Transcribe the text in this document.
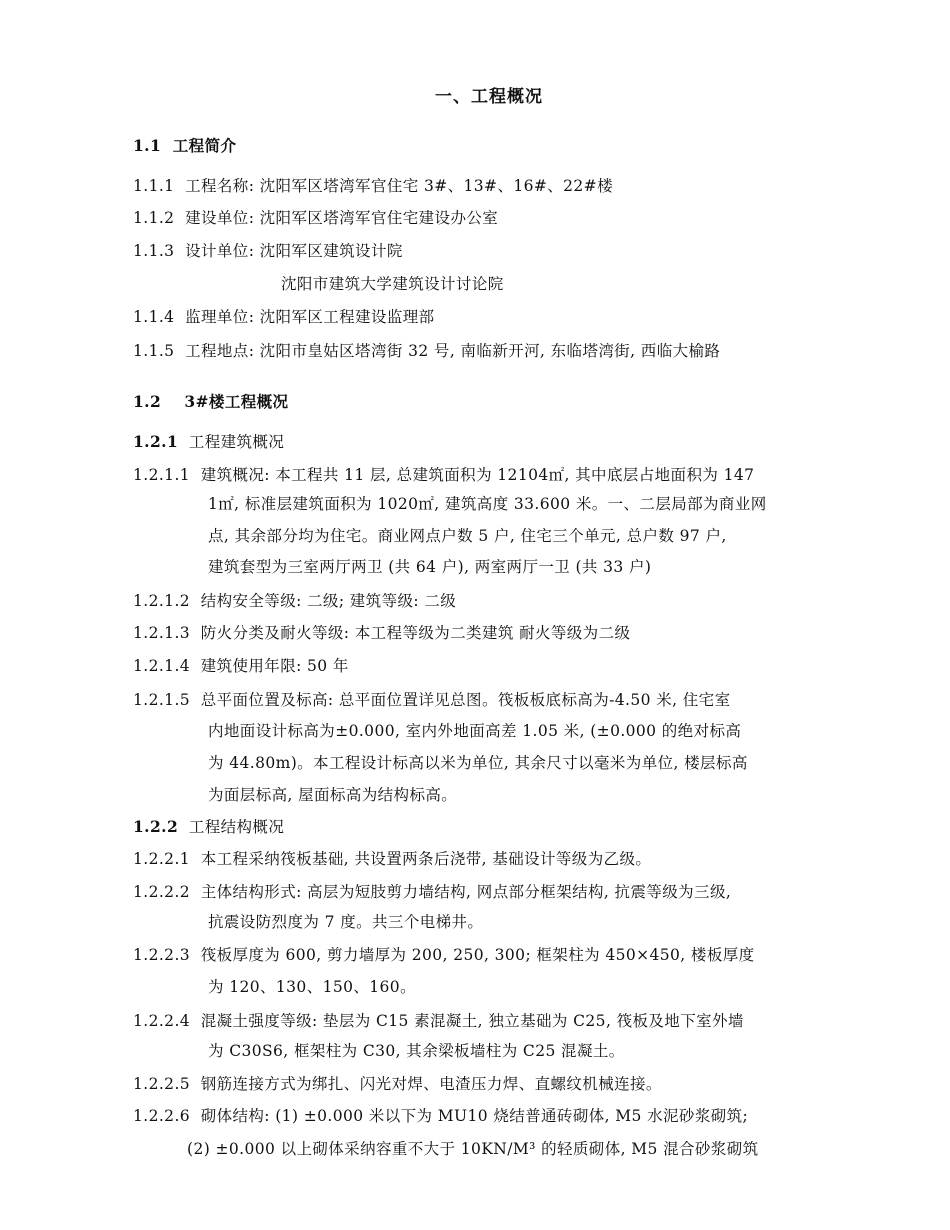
一、工程概况
1.1 工程简介
1.1.1 工程名称: 沈阳军区塔湾军官住宅 3#、13#、16#、22#楼
1.1.2 建设单位: 沈阳军区塔湾军官住宅建设办公室
1.1.3 设计单位: 沈阳军区建筑设计院
沈阳市建筑大学建筑设计讨论院
1.1.4 监理单位: 沈阳军区工程建设监理部
1.1.5 工程地点: 沈阳市皇姑区塔湾街 32 号, 南临新开河, 东临塔湾街, 西临大榆路
1.2 3#楼工程概况
1.2.1 工程建筑概况
1.2.1.1 建筑概况: 本工程共 11 层, 总建筑面积为 12104㎡, 其中底层占地面积为 147
1㎡, 标准层建筑面积为 1020㎡, 建筑高度 33.600 米。一、二层局部为商业网
点, 其余部分均为住宅。商业网点户数 5 户, 住宅三个单元, 总户数 97 户,
建筑套型为三室两厅两卫 (共 64 户), 两室两厅一卫 (共 33 户)
1.2.1.2 结构安全等级: 二级; 建筑等级: 二级
1.2.1.3 防火分类及耐火等级: 本工程等级为二类建筑 耐火等级为二级
1.2.1.4 建筑使用年限: 50 年
1.2.1.5 总平面位置及标高: 总平面位置详见总图。筏板板底标高为-4.50 米, 住宅室
内地面设计标高为±0.000, 室内外地面高差 1.05 米, (±0.000 的绝对标高
为 44.80m)。本工程设计标高以米为单位, 其余尺寸以毫米为单位, 楼层标高
为面层标高, 屋面标高为结构标高。
1.2.2 工程结构概况
1.2.2.1 本工程采纳筏板基础, 共设置两条后浇带, 基础设计等级为乙级。
1.2.2.2 主体结构形式: 高层为短肢剪力墙结构, 网点部分框架结构, 抗震等级为三级,
抗震设防烈度为 7 度。共三个电梯井。
1.2.2.3 筏板厚度为 600, 剪力墙厚为 200, 250, 300; 框架柱为 450×450, 楼板厚度
为 120、130、150、160。
1.2.2.4 混凝土强度等级: 垫层为 C15 素混凝土, 独立基础为 C25, 筏板及地下室外墙
为 C30S6, 框架柱为 C30, 其余梁板墙柱为 C25 混凝土。
1.2.2.5 钢筋连接方式为绑扎、闪光对焊、电渣压力焊、直螺纹机械连接。
1.2.2.6 砌体结构: (1) ±0.000 米以下为 MU10 烧结普通砖砌体, M5 水泥砂浆砌筑;
(2) ±0.000 以上砌体采纳容重不大于 10KN/M³ 的轻质砌体, M5 混合砂浆砌筑
